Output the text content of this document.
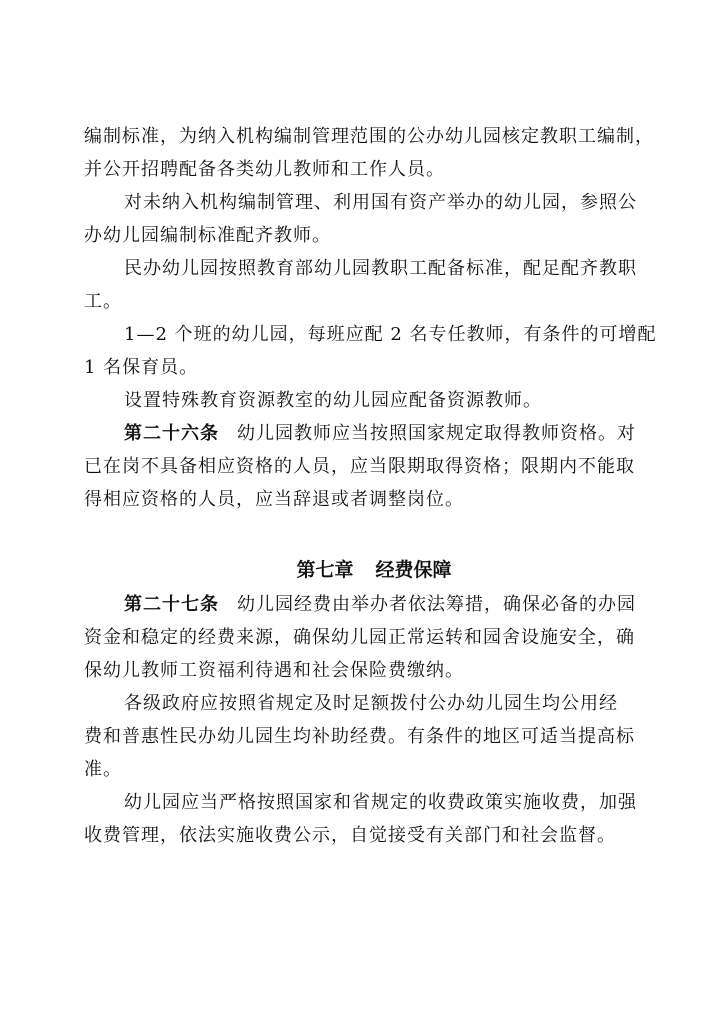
编制标准，为纳入机构编制管理范围的公办幼儿园核定教职工编制，

并公开招聘配备各类幼儿教师和工作人员。

对未纳入机构编制管理、利用国有资产举办的幼儿园，参照公

办幼儿园编制标准配齐教师。

民办幼儿园按照教育部幼儿园教职工配备标准，配足配齐教职

工。

1—2 个班的幼儿园，每班应配 2 名专任教师，有条件的可增配

1 名保育员。

设置特殊教育资源教室的幼儿园应配备资源教师。

第二十六条 幼儿园教师应当按照国家规定取得教师资格。对

已在岗不具备相应资格的人员，应当限期取得资格；限期内不能取

得相应资格的人员，应当辞退或者调整岗位。

第七章 经费保障

第二十七条 幼儿园经费由举办者依法筹措，确保必备的办园

资金和稳定的经费来源，确保幼儿园正常运转和园舍设施安全，确

保幼儿教师工资福利待遇和社会保险费缴纳。

各级政府应按照省规定及时足额拨付公办幼儿园生均公用经

费和普惠性民办幼儿园生均补助经费。有条件的地区可适当提高标

准。

幼儿园应当严格按照国家和省规定的收费政策实施收费，加强

收费管理，依法实施收费公示，自觉接受有关部门和社会监督。
